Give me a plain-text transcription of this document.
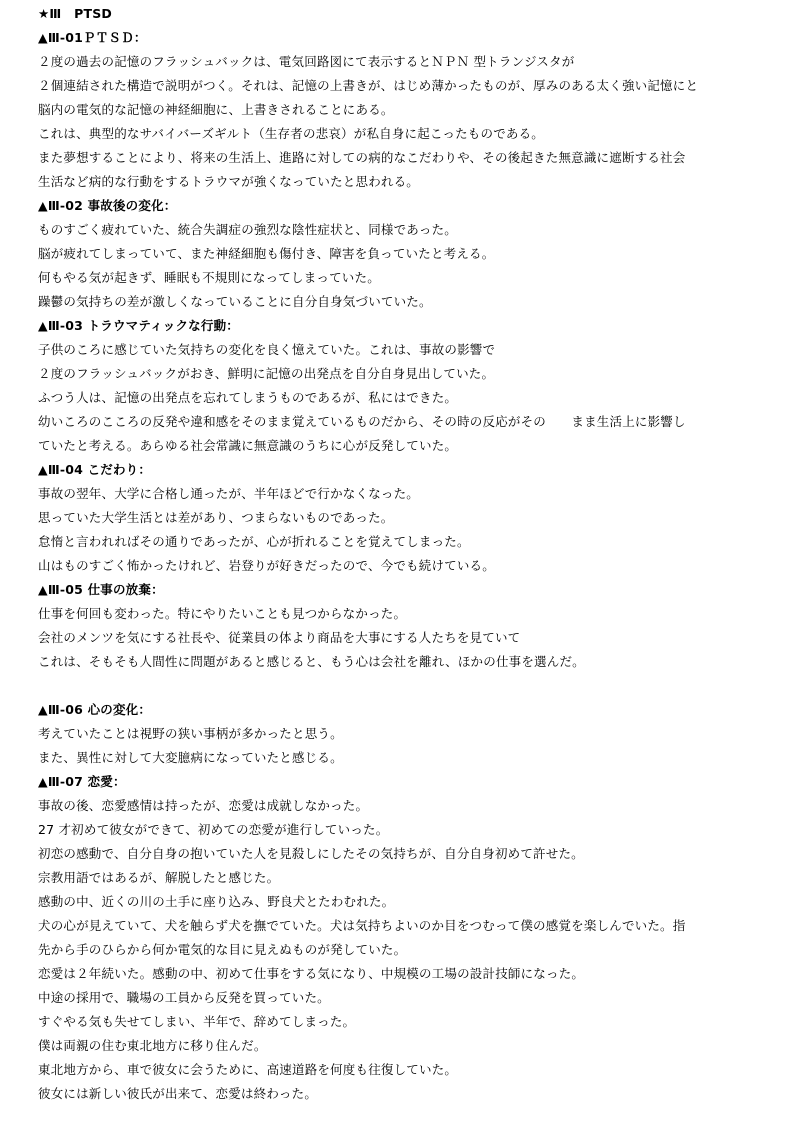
★Ⅲ　PTSD
▲Ⅲ-01ＰＴＳＤ：
２度の過去の記憶のフラッシュバックは、電気回路図にて表示するとＮＰＮ 型トランジスタが
２個連結された構造で説明がつく。それは、記憶の上書きが、はじめ薄かったものが、厚みのある太く強い記憶にと
脳内の電気的な記憶の神経細胞に、上書きされることにある。
これは、典型的なサバイバーズギルト（生存者の悲哀）が私自身に起こったものである。
また夢想することにより、将来の生活上、進路に対しての病的なこだわりや、その後起きた無意識に遮断する社会
生活など病的な行動をするトラウマが強くなっていたと思われる。
▲Ⅲ-02 事故後の変化：
ものすごく疲れていた、統合失調症の強烈な陰性症状と、同様であった。
脳が疲れてしまっていて、また神経細胞も傷付き、障害を負っていたと考える。
何もやる気が起きず、睡眠も不規則になってしまっていた。
躁鬱の気持ちの差が激しくなっていることに自分自身気づいていた。
▲Ⅲ-03 トラウマティックな行動：
子供のころに感じていた気持ちの変化を良く憶えていた。これは、事故の影響で
２度のフラッシュバックがおき、鮮明に記憶の出発点を自分自身見出していた。
ふつう人は、記憶の出発点を忘れてしまうものであるが、私にはできた。
幼いころのこころの反発や違和感をそのまま覚えているものだから、その時の反応がその　　まま生活上に影響し
ていたと考える。あらゆる社会常識に無意識のうちに心が反発していた。
▲Ⅲ-04 こだわり：
事故の翌年、大学に合格し通ったが、半年ほどで行かなくなった。
思っていた大学生活とは差があり、つまらないものであった。
怠惰と言われればその通りであったが、心が折れることを覚えてしまった。
山はものすごく怖かったけれど、岩登りが好きだったので、今でも続けている。
▲Ⅲ-05 仕事の放棄：
仕事を何回も変わった。特にやりたいことも見つからなかった。
会社のメンツを気にする社長や、従業員の体より商品を大事にする人たちを見ていて
これは、そもそも人間性に問題があると感じると、もう心は会社を離れ、ほかの仕事を選んだ。
▲Ⅲ-06 心の変化：
考えていたことは視野の狭い事柄が多かったと思う。
また、異性に対して大変臆病になっていたと感じる。
▲Ⅲ-07 恋愛：
事故の後、恋愛感情は持ったが、恋愛は成就しなかった。
27 才初めて彼女ができて、初めての恋愛が進行していった。
初恋の感動で、自分自身の抱いていた人を見殺しにしたその気持ちが、自分自身初めて許せた。
宗教用語ではあるが、解脱したと感じた。
感動の中、近くの川の土手に座り込み、野良犬とたわむれた。
犬の心が見えていて、犬を触らず犬を撫でていた。犬は気持ちよいのか目をつむって僕の感覚を楽しんでいた。指
先から手のひらから何か電気的な目に見えぬものが発していた。
恋愛は２年続いた。感動の中、初めて仕事をする気になり、中規模の工場の設計技師になった。
中途の採用で、職場の工員から反発を買っていた。
すぐやる気も失せてしまい、半年で、辞めてしまった。
僕は両親の住む東北地方に移り住んだ。
東北地方から、車で彼女に会うために、高速道路を何度も往復していた。
彼女には新しい彼氏が出来て、恋愛は終わった。
